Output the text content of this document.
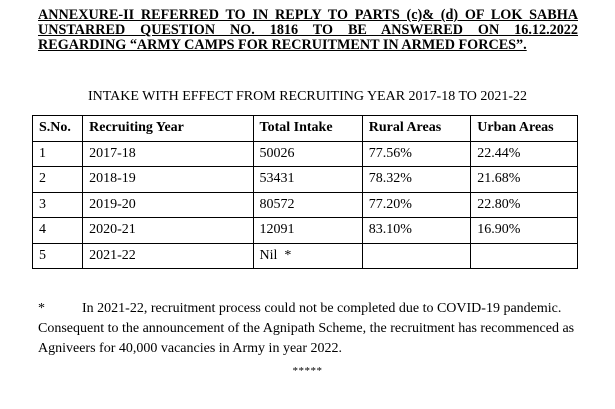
ANNEXURE-II REFERRED TO IN REPLY TO PARTS (c)& (d) OF LOK SABHA
UNSTARRED QUESTION NO. 1816 TO BE ANSWERED ON 16.12.2022
REGARDING “ARMY CAMPS FOR RECRUITMENT IN ARMED FORCES”.
INTAKE WITH EFFECT FROM RECRUITING YEAR 2017-18 TO 2021-22
S.No.	Recruiting Year	Total Intake	Rural Areas	Urban Areas
1	2017-18	50026	77.56%	22.44%
2	2018-19	53431	78.32%	21.68%
3	2019-20	80572	77.20%	22.80%
4	2020-21	12091	83.10%	16.90%
5	2021-22	Nil  *		
*	In 2021-22, recruitment process could not be completed due to COVID-19 pandemic. Consequent to the announcement of the Agnipath Scheme, the recruitment has recommenced as Agniveers for 40,000 vacancies in Army in year 2022.
*****
